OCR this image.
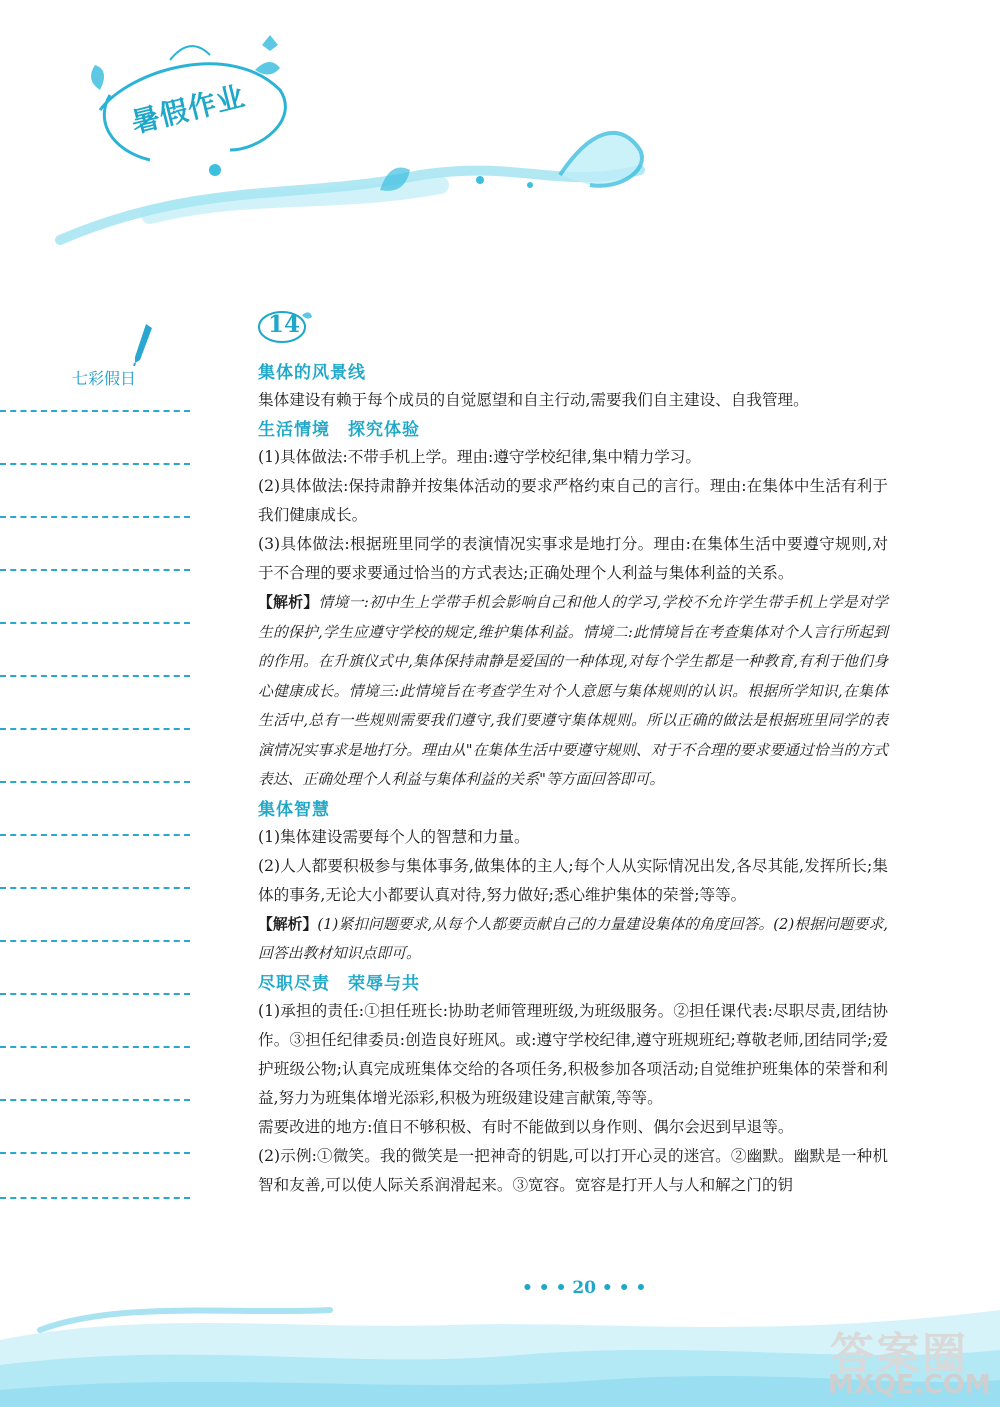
暑假作业
七彩假日
14

集体的风景线

集体建设有赖于每个成员的自觉愿望和自主行动,需要我们自主建设、自我管理。

生活情境　探究体验

(1)具体做法:不带手机上学。理由:遵守学校纪律,集中精力学习。

(2)具体做法:保持肃静并按集体活动的要求严格约束自己的言行。理由:在集体中生活有利于我们健康成长。

(3)具体做法:根据班里同学的表演情况实事求是地打分。理由:在集体生活中要遵守规则,对于不合理的要求要通过恰当的方式表达;正确处理个人利益与集体利益的关系。

【解析】情境一:初中生上学带手机会影响自己和他人的学习,学校不允许学生带手机上学是对学生的保护,学生应遵守学校的规定,维护集体利益。情境二:此情境旨在考查集体对个人言行所起到的作用。在升旗仪式中,集体保持肃静是爱国的一种体现,对每个学生都是一种教育,有利于他们身心健康成长。情境三:此情境旨在考查学生对个人意愿与集体规则的认识。根据所学知识,在集体生活中,总有一些规则需要我们遵守,我们要遵守集体规则。所以正确的做法是根据班里同学的表演情况实事求是地打分。理由从"在集体生活中要遵守规则、对于不合理的要求要通过恰当的方式表达、正确处理个人利益与集体利益的关系"等方面回答即可。

集体智慧

(1)集体建设需要每个人的智慧和力量。

(2)人人都要积极参与集体事务,做集体的主人;每个人从实际情况出发,各尽其能,发挥所长;集体的事务,无论大小都要认真对待,努力做好;悉心维护集体的荣誉;等等。

【解析】(1)紧扣问题要求,从每个人都要贡献自己的力量建设集体的角度回答。(2)根据问题要求,回答出教材知识点即可。

尽职尽责　荣辱与共

(1)承担的责任:①担任班长:协助老师管理班级,为班级服务。②担任课代表:尽职尽责,团结协作。③担任纪律委员:创造良好班风。或:遵守学校纪律,遵守班规班纪;尊敬老师,团结同学;爱护班级公物;认真完成班集体交给的各项任务,积极参加各项活动;自觉维护班集体的荣誉和利益,努力为班集体增光添彩,积极为班级建设建言献策,等等。

需要改进的地方:值日不够积极、有时不能做到以身作则、偶尔会迟到早退等。

(2)示例:①微笑。我的微笑是一把神奇的钥匙,可以打开心灵的迷宫。②幽默。幽默是一种机智和友善,可以使人际关系润滑起来。③宽容。宽容是打开人与人和解之门的钥

• • • 20 • • •
答案圈
MXQE.COM
